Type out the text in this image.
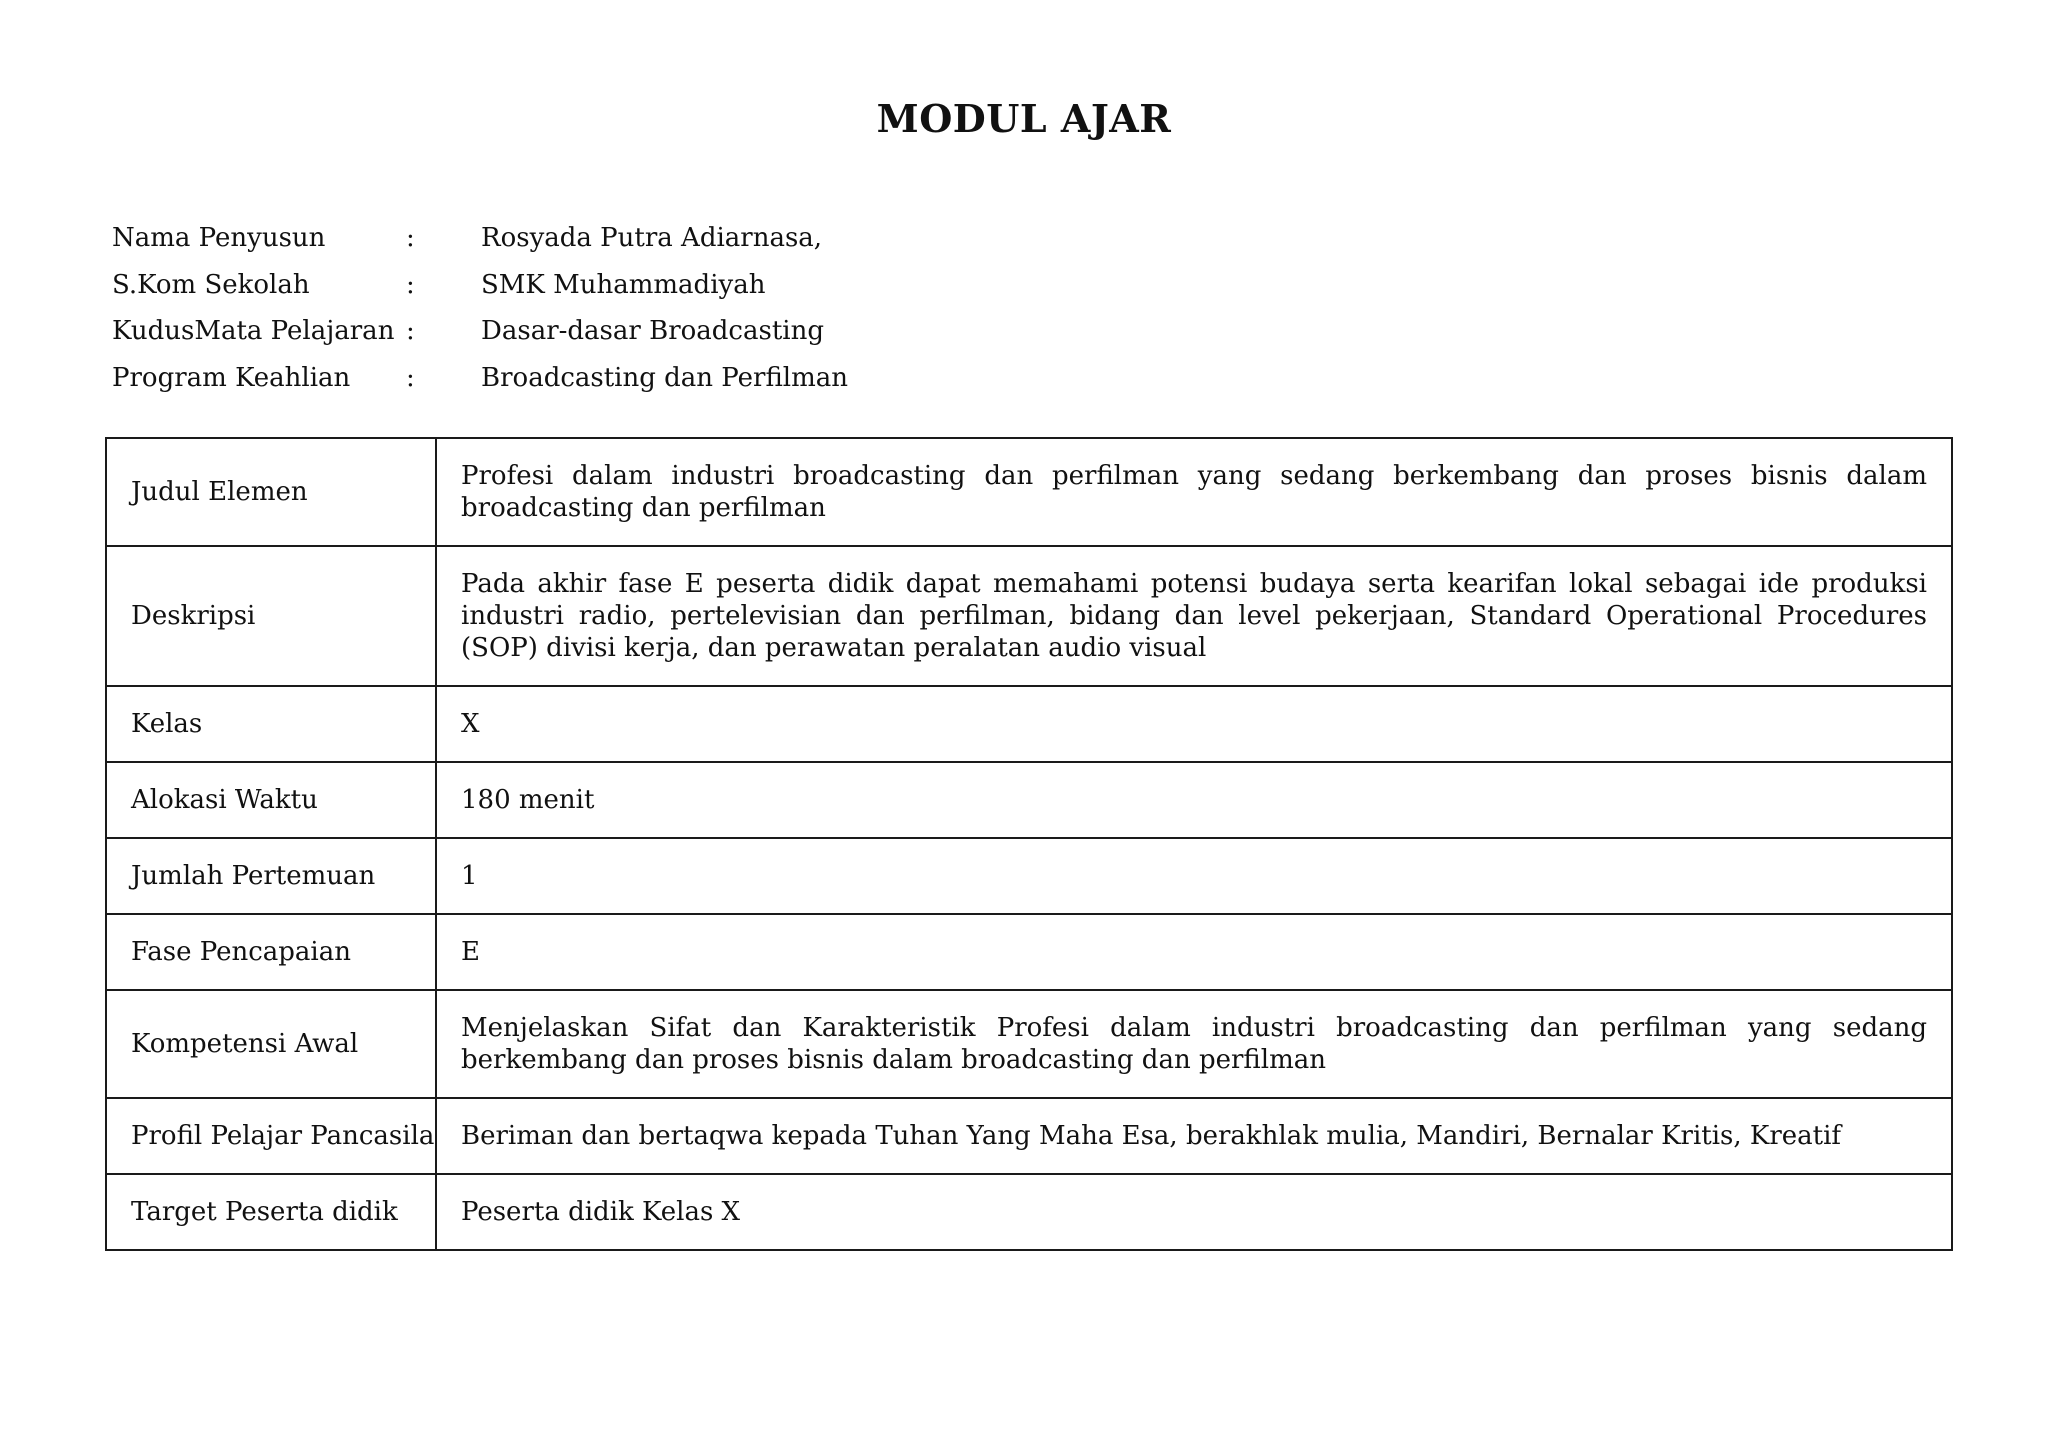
MODUL AJAR
Nama Penyusun	:	Rosyada Putra Adiarnasa,
S.Kom Sekolah	:	SMK Muhammadiyah
KudusMata Pelajaran :	Dasar-dasar Broadcasting
Program Keahlian :	Broadcasting dan Perfilman
Judul Elemen	Profesi dalam industri broadcasting dan perfilman yang sedang berkembang dan proses bisnis dalam broadcasting dan perfilman
Deskripsi	Pada akhir fase E peserta didik dapat memahami potensi budaya serta kearifan lokal sebagai ide produksi industri radio, pertelevisian dan perfilman, bidang dan level pekerjaan, Standard Operational Procedures (SOP) divisi kerja, dan perawatan peralatan audio visual
Kelas	X
Alokasi Waktu	180 menit
Jumlah Pertemuan	1
Fase Pencapaian	E
Kompetensi Awal	Menjelaskan Sifat dan Karakteristik Profesi dalam industri broadcasting dan perfilman yang sedang berkembang dan proses bisnis dalam broadcasting dan perfilman
Profil Pelajar Pancasila	Beriman dan bertaqwa kepada Tuhan Yang Maha Esa, berakhlak mulia, Mandiri, Bernalar Kritis, Kreatif
Target Peserta didik	Peserta didik Kelas X
